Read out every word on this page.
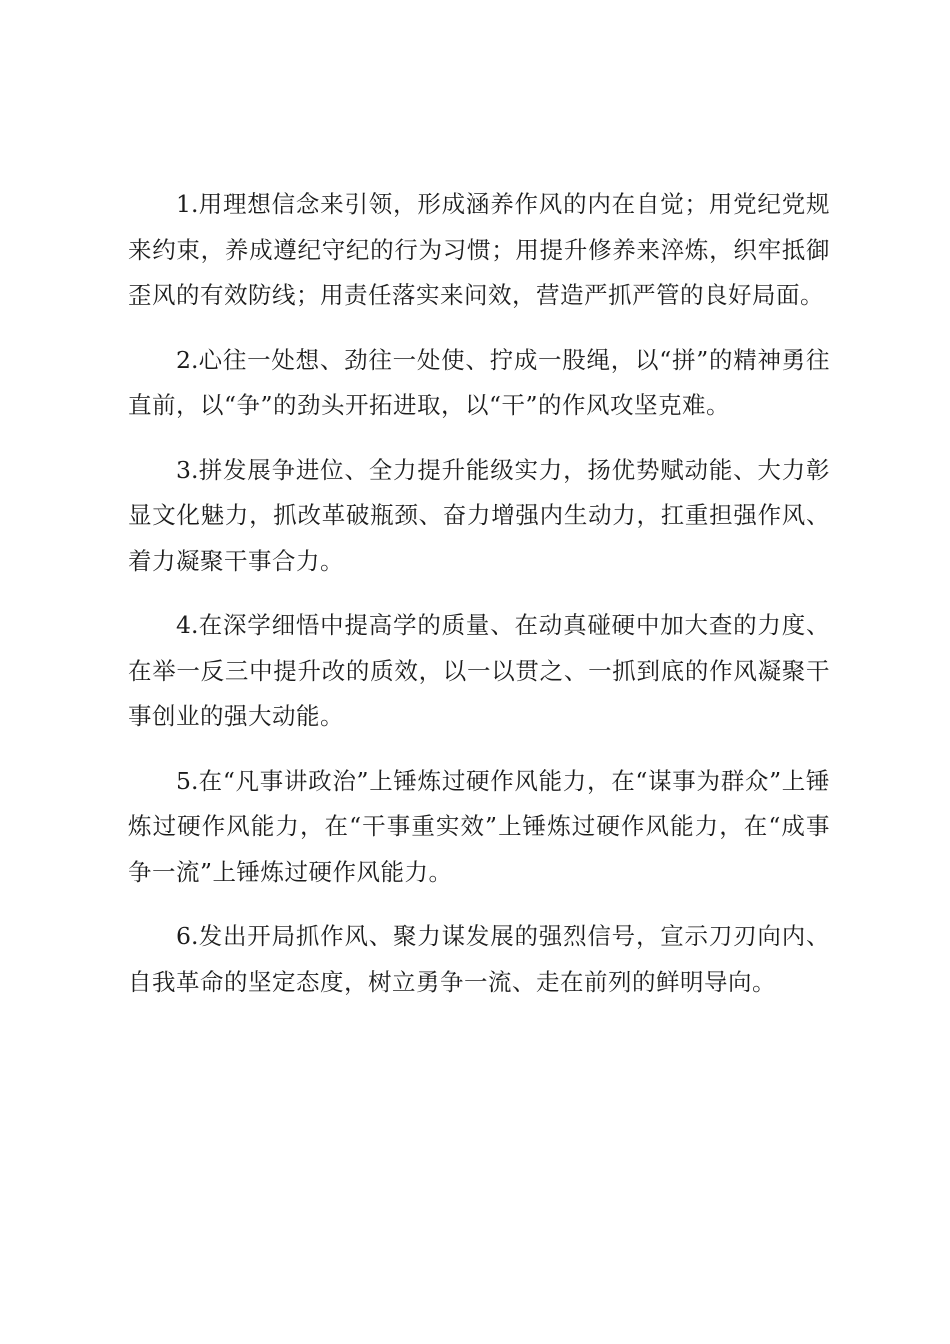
1.用理想信念来引领，形成涵养作风的内在自觉；用党纪党规来约束，养成遵纪守纪的行为习惯；用提升修养来淬炼，织牢抵御歪风的有效防线；用责任落实来问效，营造严抓严管的良好局面。

2.心往一处想、劲往一处使、拧成一股绳，以“拼”的精神勇往直前，以“争”的劲头开拓进取，以“干”的作风攻坚克难。

3.拼发展争进位、全力提升能级实力，扬优势赋动能、大力彰显文化魅力，抓改革破瓶颈、奋力增强内生动力，扛重担强作风、着力凝聚干事合力。

4.在深学细悟中提高学的质量、在动真碰硬中加大查的力度、在举一反三中提升改的质效，以一以贯之、一抓到底的作风凝聚干事创业的强大动能。

5.在“凡事讲政治”上锤炼过硬作风能力，在“谋事为群众”上锤炼过硬作风能力，在“干事重实效”上锤炼过硬作风能力，在“成事争一流”上锤炼过硬作风能力。

6.发出开局抓作风、聚力谋发展的强烈信号，宣示刀刃向内、自我革命的坚定态度，树立勇争一流、走在前列的鲜明导向。
